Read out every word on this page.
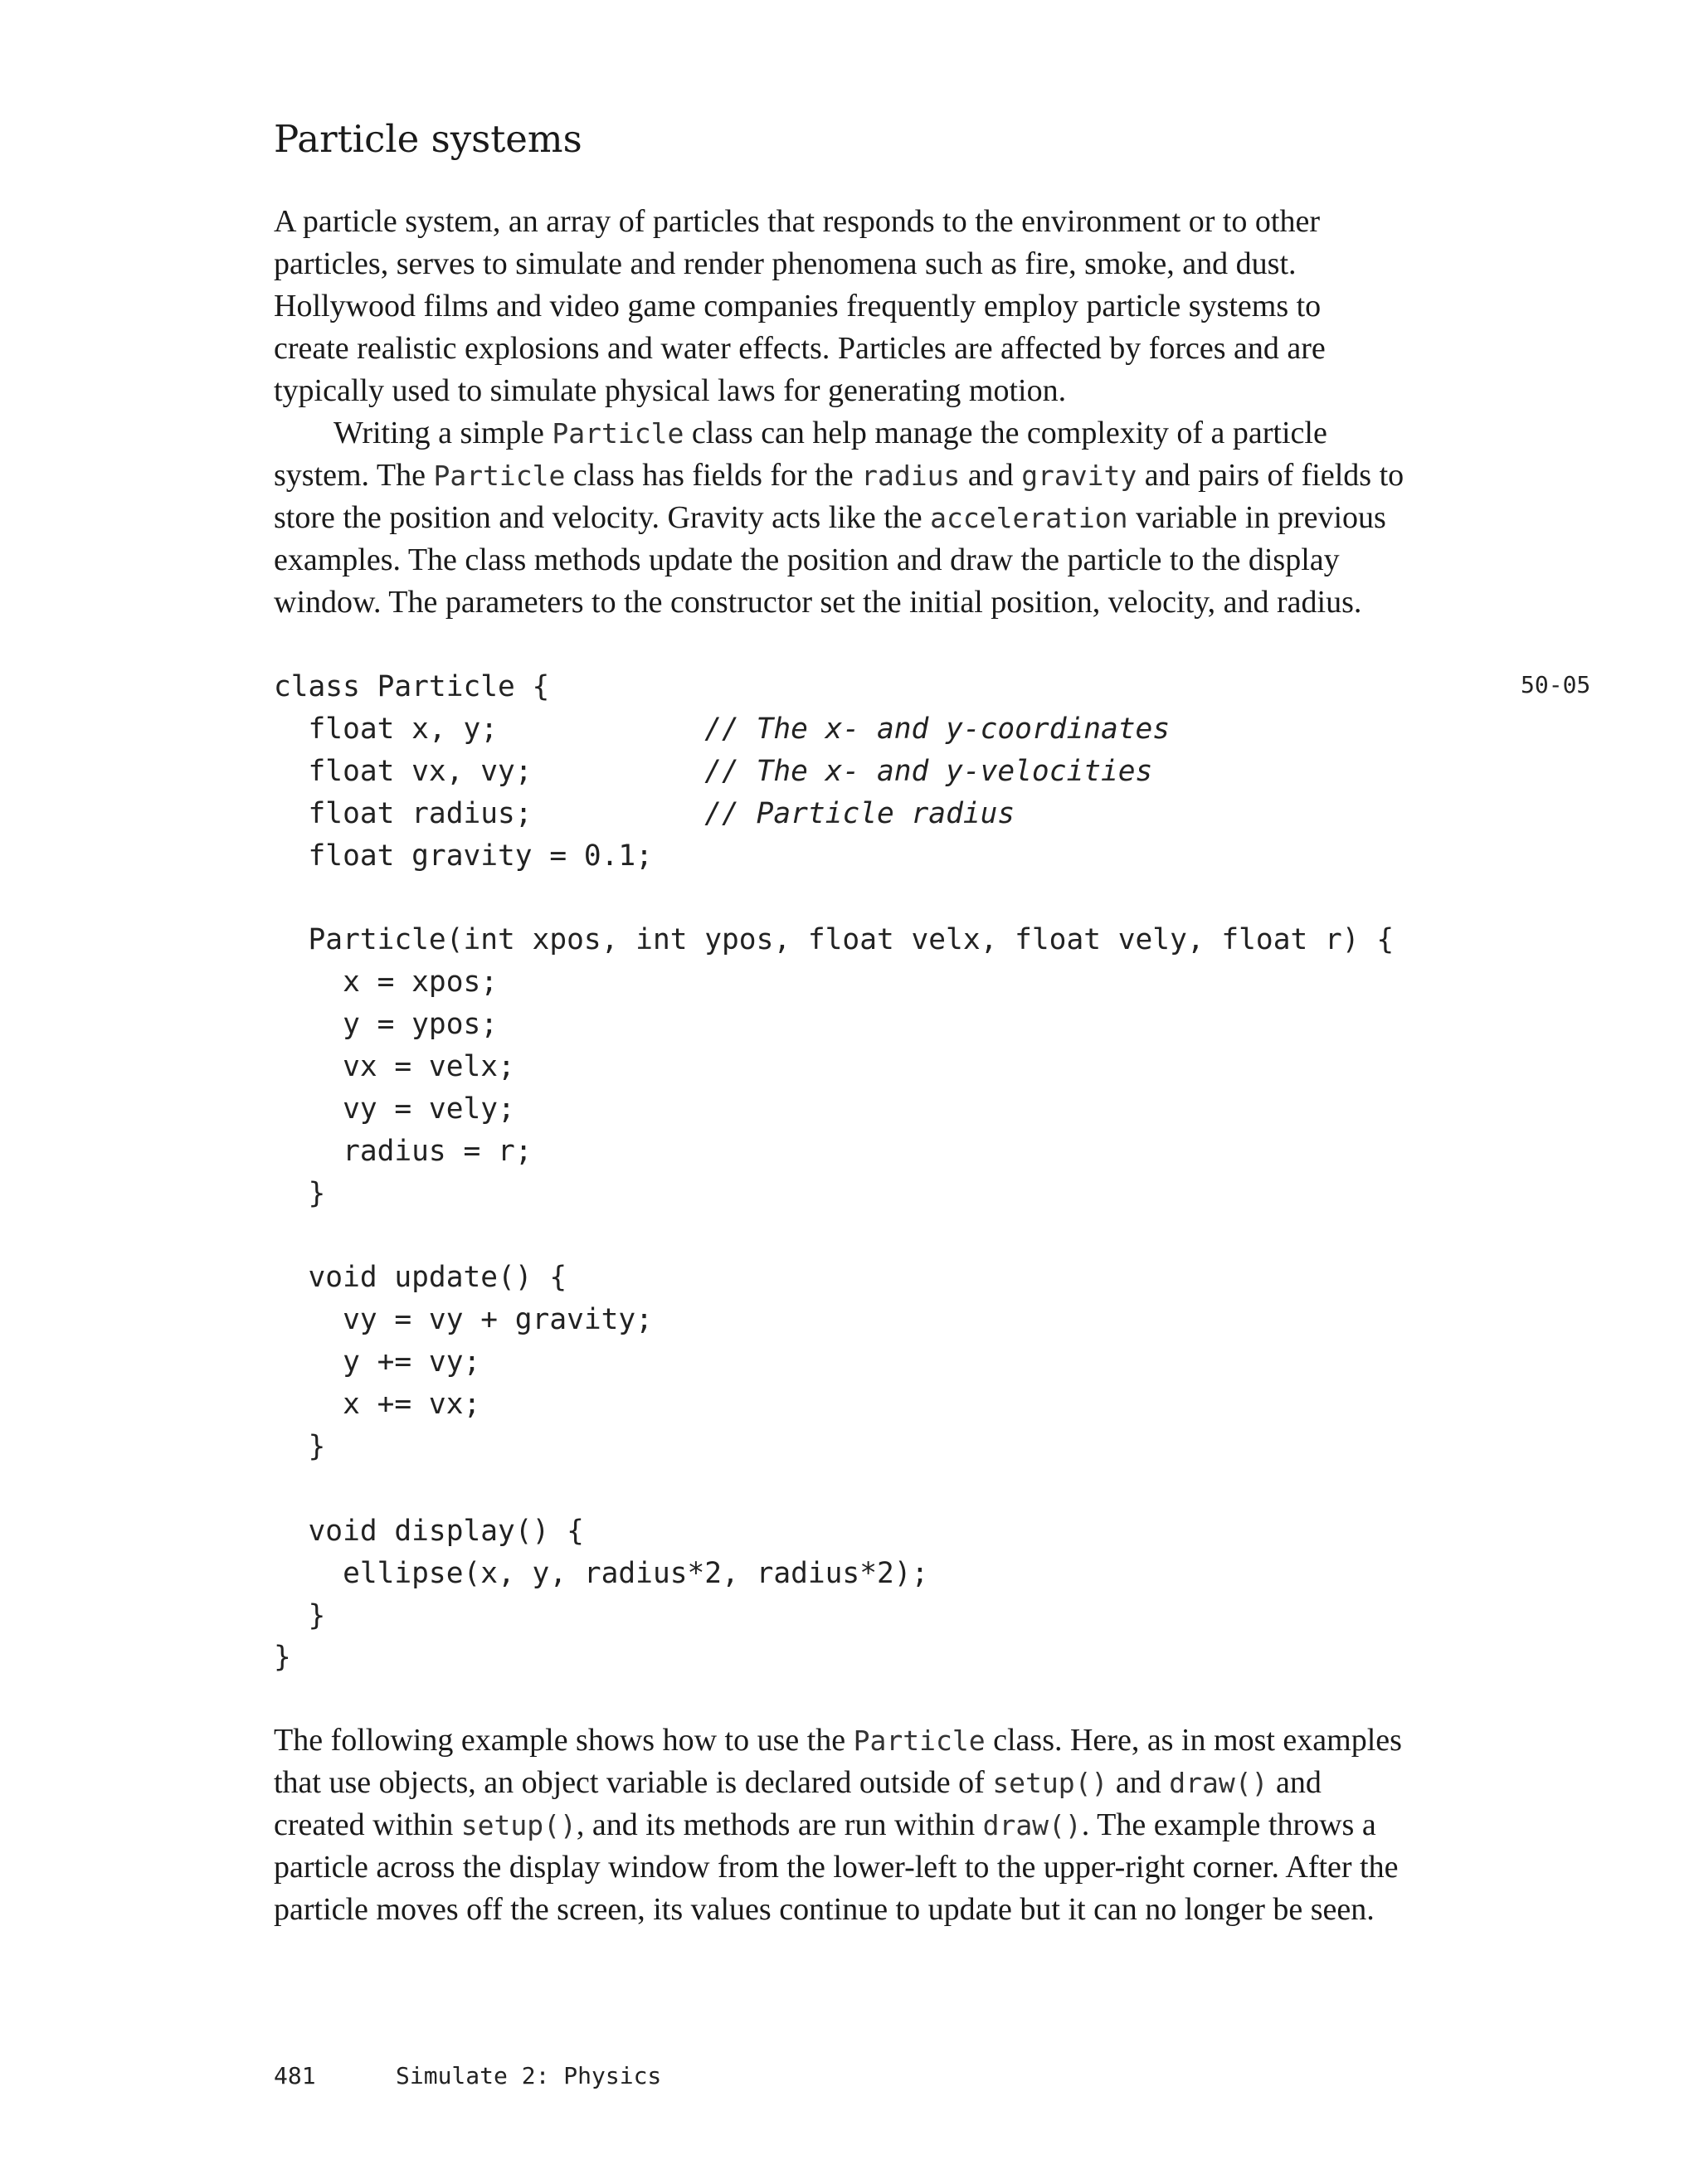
Particle systems
A particle system, an array of particles that responds to the environment or to other
particles, serves to simulate and render phenomena such as fire, smoke, and dust.
Hollywood films and video game companies frequently employ particle systems to
create realistic explosions and water effects. Particles are affected by forces and are
typically used to simulate physical laws for generating motion.
Writing a simple Particle class can help manage the complexity of a particle
system. The Particle class has fields for the radius and gravity and pairs of fields to
store the position and velocity. Gravity acts like the acceleration variable in previous
examples. The class methods update the position and draw the particle to the display
window. The parameters to the constructor set the initial position, velocity, and radius.
50-05
class Particle {
float x, y;            // The x- and y-coordinates
float vx, vy;          // The x- and y-velocities
float radius;          // Particle radius
float gravity = 0.1;
Particle(int xpos, int ypos, float velx, float vely, float r) {
x = xpos;
y = ypos;
vx = velx;
vy = vely;
radius = r;
}
void update() {
vy = vy + gravity;
y += vy;
x += vx;
}
void display() {
ellipse(x, y, radius*2, radius*2);
}
}
The following example shows how to use the Particle class. Here, as in most examples
that use objects, an object variable is declared outside of setup() and draw() and
created within setup(), and its methods are run within draw(). The example throws a
particle across the display window from the lower-left to the upper-right corner. After the
particle moves off the screen, its values continue to update but it can no longer be seen.
481	Simulate 2: Physics
